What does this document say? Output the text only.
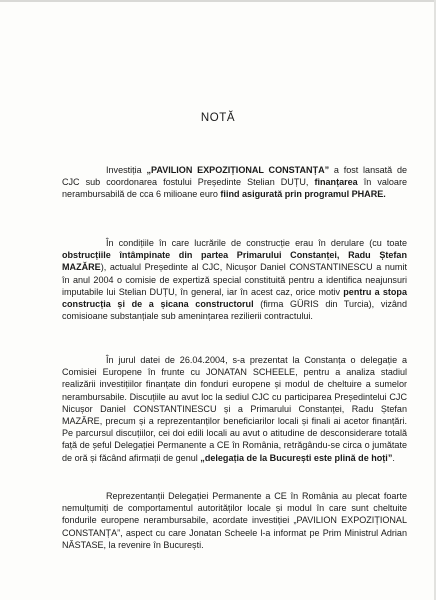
NOTĂ

Investiția „PAVILION EXPOZIȚIONAL CONSTANȚA” a fost lansată de CJC sub coordonarea fostului Președinte Stelian DUȚU, finanțarea în valoare nerambursabilă de cca 6 milioane euro fiind asigurată prin programul PHARE.

În condițiile în care lucrările de construcție erau în derulare (cu toate obstrucțiile întâmpinate din partea Primarului Constanței, Radu Ștefan MAZĂRE), actualul Președinte al CJC, Nicușor Daniel CONSTANTINESCU a numit în anul 2004 o comisie de expertiză special constituită pentru a identifica neajunsuri imputabile lui Stelian DUȚU, în general, iar în acest caz, orice motiv pentru a stopa construcția și de a șicana constructorul (firma GÜRIS din Turcia), vizând comisioane substanțiale sub amenințarea rezilierii contractului.

În jurul datei de 26.04.2004, s-a prezentat la Constanța o delegație a Comisiei Europene în frunte cu JONATAN SCHEELE, pentru a analiza stadiul realizării investițiilor finanțate din fonduri europene și modul de cheltuire a sumelor nerambursabile. Discuțiile au avut loc la sediul CJC cu participarea Președintelui CJC Nicușor Daniel CONSTANTINESCU și a Primarului Constanței, Radu Ștefan MAZĂRE, precum și a reprezentanților beneficiarilor locali și finali ai acetor finanțări. Pe parcursul discuțiilor, cei doi edili locali au avut o atitudine de desconsiderare totală față de șeful Delegației Permanente a CE în România, retrăgându-se circa o jumătate de oră și făcând afirmații de genul „delegația de la București este plină de hoți”.

Reprezentanții Delegației Permanente a CE în România au plecat foarte nemulțumiți de comportamentul autorităților locale și modul în care sunt cheltuite fondurile europene nerambursabile, acordate investiției „PAVILION EXPOZIȚIONAL CONSTANȚA”, aspect cu care Jonatan Scheele l-a informat pe Prim Ministrul Adrian NĂSTASE, la revenire în București.
